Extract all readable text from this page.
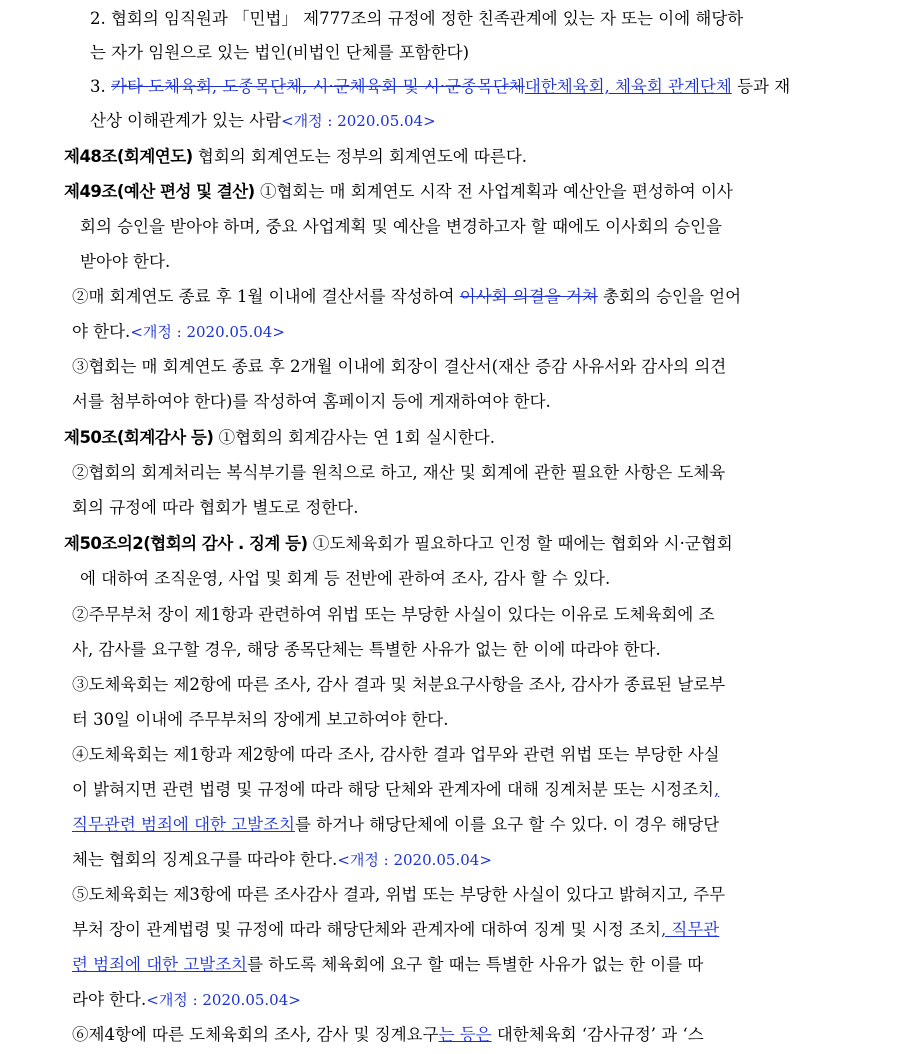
2. 협회의 임직원과 「민법」 제777조의 규정에 정한 친족관계에 있는 자 또는 이에 해당하
는 자가 임원으로 있는 법인(비법인 단체를 포함한다)
3. 카타 도체육회, 도종목단체, 시·군체육회 및 시·군종목단체대한체육회, 체육회 관계단체 등과 재
산상 이해관계가 있는 사람<개정 : 2020.05.04>
제48조(회계연도) 협회의 회계연도는 정부의 회계연도에 따른다.
제49조(예산 편성 및 결산) ①협회는 매 회계연도 시작 전 사업계획과 예산안을 편성하여 이사
회의 승인을 받아야 하며, 중요 사업계획 및 예산을 변경하고자 할 때에도 이사회의 승인을
받아야 한다.
②매 회계연도 종료 후 1월 이내에 결산서를 작성하여 이사회 의결을 거쳐 총회의 승인을 얻어
야 한다.<개정 : 2020.05.04>
③협회는 매 회계연도 종료 후 2개월 이내에 회장이 결산서(재산 증감 사유서와 감사의 의견
서를 첨부하여야 한다)를 작성하여 홈페이지 등에 게재하여야 한다.
제50조(회계감사 등) ①협회의 회계감사는 연 1회 실시한다.
②협회의 회계처리는 복식부기를 원칙으로 하고, 재산 및 회계에 관한 필요한 사항은 도체육
회의 규정에 따라 협회가 별도로 정한다.
제50조의2(협회의 감사 . 징계 등) ①도체육회가 필요하다고 인정 할 때에는 협회와 시·군협회
에 대하여 조직운영, 사업 및 회계 등 전반에 관하여 조사, 감사 할 수 있다.
②주무부처 장이 제1항과 관련하여 위법 또는 부당한 사실이 있다는 이유로 도체육회에 조
사, 감사를 요구할 경우, 해당 종목단체는 특별한 사유가 없는 한 이에 따라야 한다.
③도체육회는 제2항에 따른 조사, 감사 결과 및 처분요구사항을 조사, 감사가 종료된 날로부
터 30일 이내에 주무부처의 장에게 보고하여야 한다.
④도체육회는 제1항과 제2항에 따라 조사, 감사한 결과 업무와 관련 위법 또는 부당한 사실
이 밝혀지면 관련 법령 및 규정에 따라 해당 단체와 관계자에 대해 징계처분 또는 시정조치,
직무관련 범죄에 대한 고발조치를 하거나 해당단체에 이를 요구 할 수 있다. 이 경우 해당단
체는 협회의 징계요구를 따라야 한다.<개정 : 2020.05.04>
⑤도체육회는 제3항에 따른 조사감사 결과, 위법 또는 부당한 사실이 있다고 밝혀지고, 주무
부처 장이 관계법령 및 규정에 따라 해당단체와 관계자에 대하여 징계 및 시정 조치, 직무관
련 범죄에 대한 고발조치를 하도록 체육회에 요구 할 때는 특별한 사유가 없는 한 이를 따
라야 한다.<개정 : 2020.05.04>
⑥제4항에 따른 도체육회의 조사, 감사 및 징계요구는 등은 대한체육회 ‘감사규정’ 과 ‘스
